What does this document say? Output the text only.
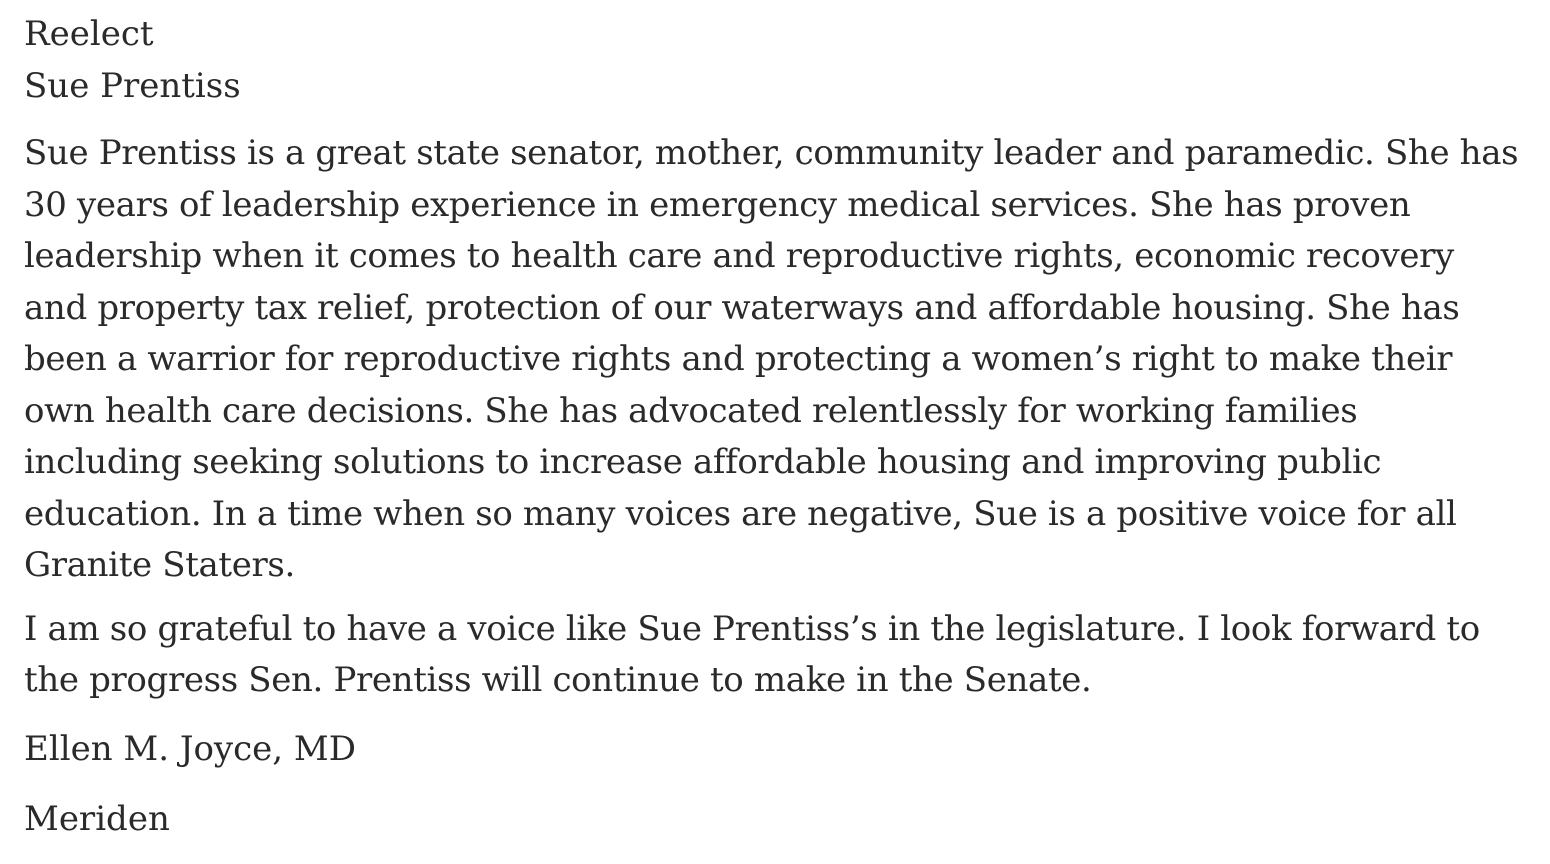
Reelect
Sue Prentiss

Sue Prentiss is a great state senator, mother, community leader and paramedic. She has 30 years of leadership experience in emergency medical services. She has proven leadership when it comes to health care and reproductive rights, economic recovery and property tax relief, protection of our waterways and affordable housing. She has been a warrior for reproductive rights and protecting a women’s right to make their own health care decisions. She has advocated relentlessly for working families including seeking solutions to increase affordable housing and improving public education. In a time when so many voices are negative, Sue is a positive voice for all Granite Staters.

I am so grateful to have a voice like Sue Prentiss’s in the legislature. I look forward to the progress Sen. Prentiss will continue to make in the Senate.

Ellen M. Joyce, MD

Meriden
